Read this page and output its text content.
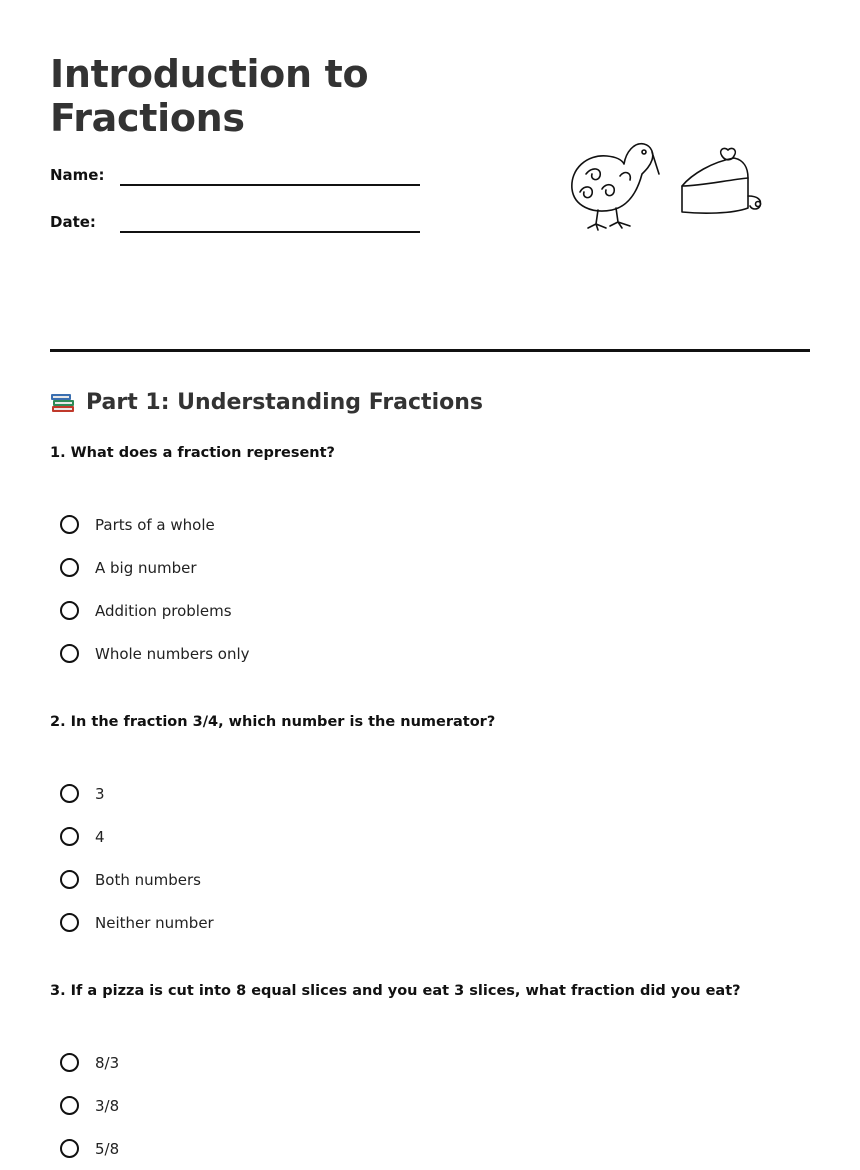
Introduction to Fractions
Name:
Date:
Part 1: Understanding Fractions

1. What does a fraction represent?

Parts of a whole
A big number
Addition problems
Whole numbers only

2. In the fraction 3/4, which number is the numerator?

3
4
Both numbers
Neither number

3. If a pizza is cut into 8 equal slices and you eat 3 slices, what fraction did you eat?

8/3
3/8
5/8
